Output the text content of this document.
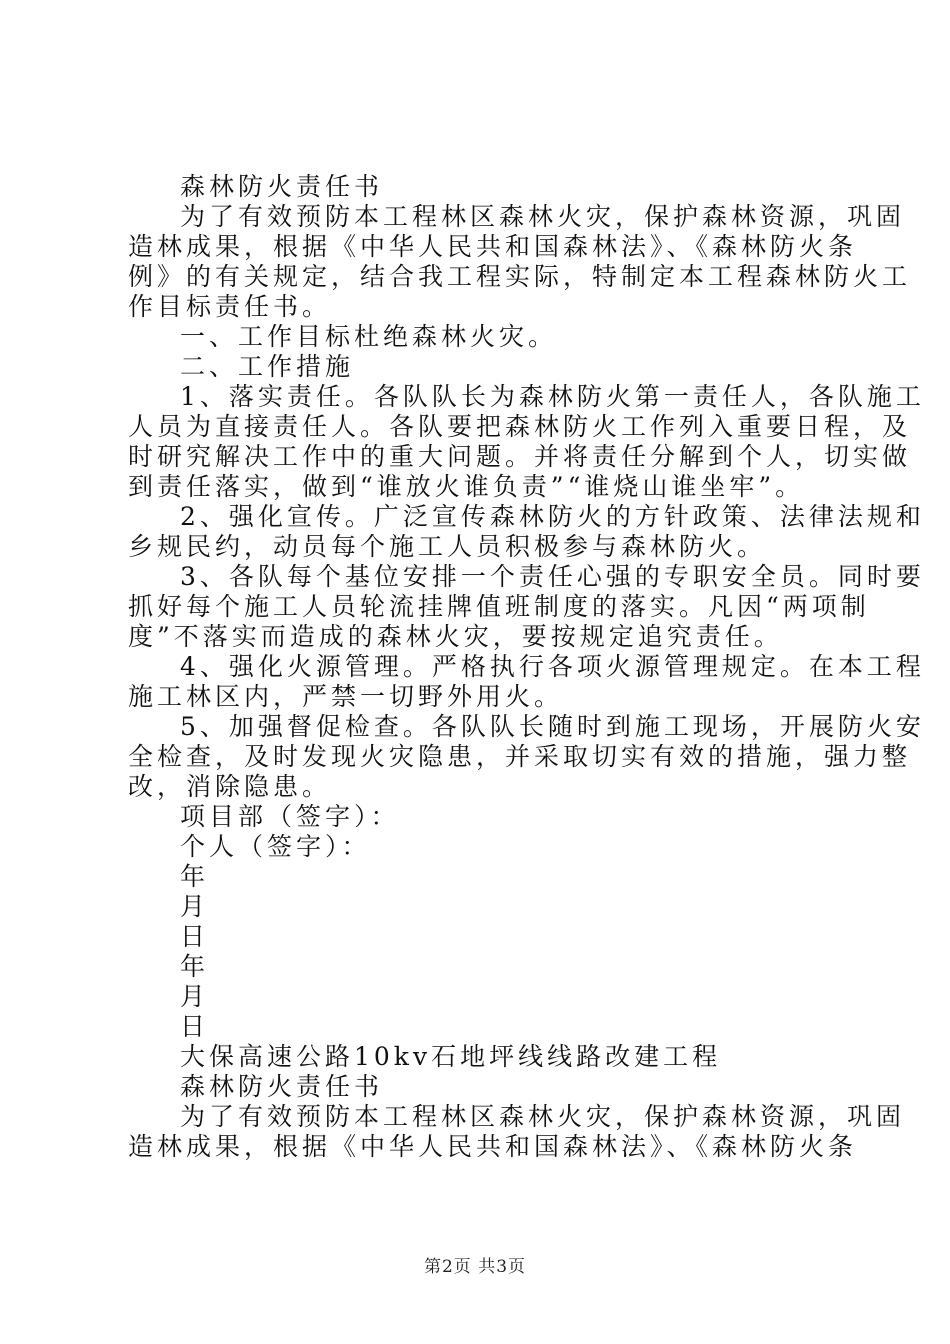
森林防火责任书

为了有效预防本工程林区森林火灾，保护森林资源，巩固

造林成果，根据《中华人民共和国森林法》、《森林防火条

例》的有关规定，结合我工程实际，特制定本工程森林防火工

作目标责任书。

一、工作目标杜绝森林火灾。

二、工作措施

1、落实责任。各队队长为森林防火第一责任人，各队施工

人员为直接责任人。各队要把森林防火工作列入重要日程，及

时研究解决工作中的重大问题。并将责任分解到个人，切实做

到责任落实，做到“谁放火谁负责”“谁烧山谁坐牢”。

2、强化宣传。广泛宣传森林防火的方针政策、法律法规和

乡规民约，动员每个施工人员积极参与森林防火。

3、各队每个基位安排一个责任心强的专职安全员。同时要

抓好每个施工人员轮流挂牌值班制度的落实。凡因“两项制

度”不落实而造成的森林火灾，要按规定追究责任。

4、强化火源管理。严格执行各项火源管理规定。在本工程

施工林区内，严禁一切野外用火。

5、加强督促检查。各队队长随时到施工现场，开展防火安

全检查，及时发现火灾隐患，并采取切实有效的措施，强力整

改，消除隐患。

项目部（签字）：

个人（签字）：

年

月

日

年

月

日

大保高速公路10kv石地坪线线路改建工程

森林防火责任书

为了有效预防本工程林区森林火灾，保护森林资源，巩固

造林成果，根据《中华人民共和国森林法》、《森林防火条

第2页 共3页
